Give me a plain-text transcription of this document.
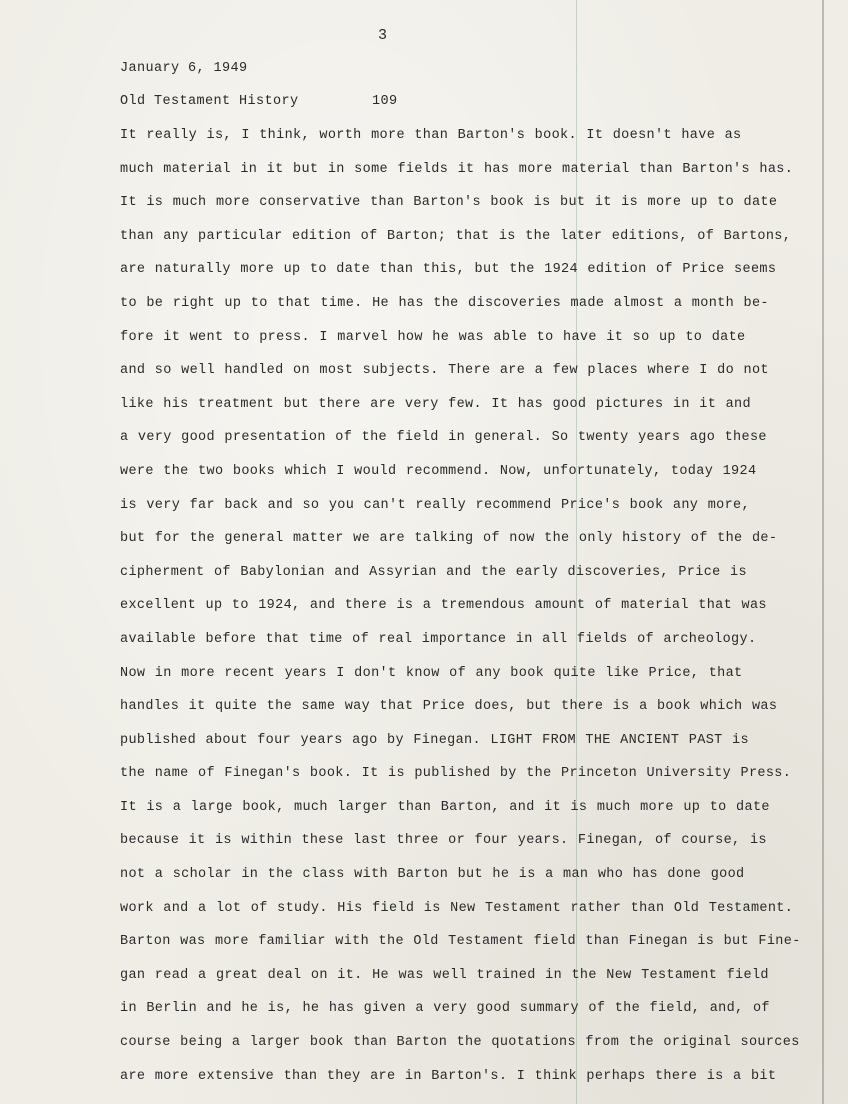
3
January 6, 1949
Old Testament History	109
It really is, I think, worth more than Barton's book. It doesn't have as
much material in it but in some fields it has more material than Barton's has.
It is much more conservative than Barton's book is but it is more up to date
than any particular edition of Barton; that is the later editions, of Bartons,
are naturally more up to date than this, but the 1924 edition of Price seems
to be right up to that time. He has the discoveries made almost a month be-
fore it went to press. I marvel how he was able to have it so up to date
and so well handled on most subjects. There are a few places where I do not
like his treatment but there are very few. It has good pictures in it and
a very good presentation of the field in general. So twenty years ago these
were the two books which I would recommend. Now, unfortunately, today 1924
is very far back and so you can't really recommend Price's book any more,
but for the general matter we are talking of now the only history of the de-
cipherment of Babylonian and Assyrian and the early discoveries, Price is
excellent up to 1924, and there is a tremendous amount of material that was
available before that time of real importance in all fields of archeology.
Now in more recent years I don't know of any book quite like Price, that
handles it quite the same way that Price does, but there is a book which was
published about four years ago by Finegan. LIGHT FROM THE ANCIENT PAST is
the name of Finegan's book. It is published by the Princeton University Press.
It is a large book, much larger than Barton, and it is much more up to date
because it is within these last three or four years. Finegan, of course, is
not a scholar in the class with Barton but he is a man who has done good
work and a lot of study. His field is New Testament rather than Old Testament.
Barton was more familiar with the Old Testament field than Finegan is but Fine-
gan read a great deal on it. He was well trained in the New Testament field
in Berlin and he is, he has given a very good summary of the field, and, of
course being a larger book than Barton the quotations from the original sources
are more extensive than they are in Barton's. I think perhaps there is a bit
